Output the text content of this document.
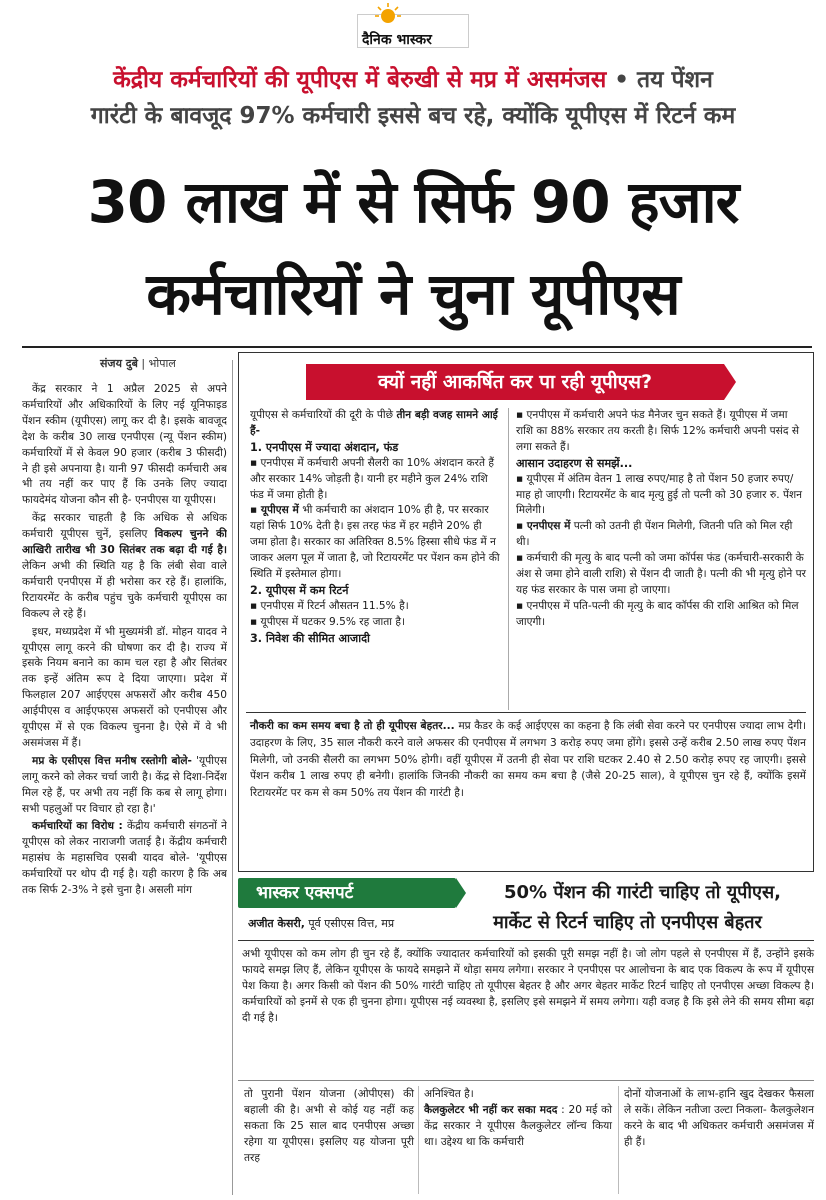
दैनिक भास्कर
केंद्रीय कर्मचारियों की यूपीएस में बेरुखी से मप्र में असमंजस • तय पेंशन
गारंटी के बावजूद 97% कर्मचारी इससे बच रहे, क्योंकि यूपीएस में रिटर्न कम
30 लाख में से सिर्फ 90 हजार
कर्मचारियों ने चुना यूपीएस
संजय दुबे | भोपाल

केंद्र सरकार ने 1 अप्रैल 2025 से अपने कर्मचारियों और अधिकारियों के लिए नई यूनिफाइड पेंशन स्कीम (यूपीएस) लागू कर दी है। इसके बावजूद देश के करीब 30 लाख एनपीएस (न्यू पेंशन स्कीम) कर्मचारियों में से केवल 90 हजार (करीब 3 फीसदी) ने ही इसे अपनाया है। यानी 97 फीसदी कर्मचारी अब भी तय नहीं कर पाए हैं कि उनके लिए ज्यादा फायदेमंद योजना कौन सी है- एनपीएस या यूपीएस।

केंद्र सरकार चाहती है कि अधिक से अधिक कर्मचारी यूपीएस चुनें, इसलिए विकल्प चुनने की आखिरी तारीख भी 30 सितंबर तक बढ़ा दी गई है। लेकिन अभी की स्थिति यह है कि लंबी सेवा वाले कर्मचारी एनपीएस में ही भरोसा कर रहे हैं। हालांकि, रिटायरमेंट के करीब पहुंच चुके कर्मचारी यूपीएस का विकल्प ले रहे हैं।

इधर, मध्यप्रदेश में भी मुख्यमंत्री डॉ. मोहन यादव ने यूपीएस लागू करने की घोषणा कर दी है। राज्य में इसके नियम बनाने का काम चल रहा है और सितंबर तक इन्हें अंतिम रूप दे दिया जाएगा। प्रदेश में फिलहाल 207 आईएएस अफसरों और करीब 450 आईपीएस व आईएफएस अफसरों को एनपीएस और यूपीएस में से एक विकल्प चुनना है। ऐसे में वे भी असमंजस में हैं।

मप्र के एसीएस वित्त मनीष रस्तोगी बोले- 'यूपीएस लागू करने को लेकर चर्चा जारी है। केंद्र से दिशा-निर्देश मिल रहे हैं, पर अभी तय नहीं कि कब से लागू होगा। सभी पहलुओं पर विचार हो रहा है।'

कर्मचारियों का विरोध : केंद्रीय कर्मचारी संगठनों ने यूपीएस को लेकर नाराजगी जताई है। केंद्रीय कर्मचारी महासंघ के महासचिव एसबी यादव बोले- 'यूपीएस कर्मचारियों पर थोप दी गई है। यही कारण है कि अब तक सिर्फ 2-3% ने इसे चुना है। असली मांग

क्यों नहीं आकर्षित कर पा रही यूपीएस?

यूपीएस से कर्मचारियों की दूरी के पीछे तीन बड़ी वजह सामने आई हैं-

1. एनपीएस में ज्यादा अंशदान, फंड

▪ एनपीएस में कर्मचारी अपनी सैलरी का 10% अंशदान करते हैं और सरकार 14% जोड़ती है। यानी हर महीने कुल 24% राशि फंड में जमा होती है।

▪ यूपीएस में भी कर्मचारी का अंशदान 10% ही है, पर सरकार यहां सिर्फ 10% देती है। इस तरह फंड में हर महीने 20% ही जमा होता है। सरकार का अतिरिक्त 8.5% हिस्सा सीधे फंड में न जाकर अलग पूल में जाता है, जो रिटायरमेंट पर पेंशन कम होने की स्थिति में इस्तेमाल होगा।

2. यूपीएस में कम रिटर्न

▪ एनपीएस में रिटर्न औसतन 11.5% है।

▪ यूपीएस में घटकर 9.5% रह जाता है।

3. निवेश की सीमित आजादी

▪ एनपीएस में कर्मचारी अपने फंड मैनेजर चुन सकते हैं। यूपीएस में जमा राशि का 88% सरकार तय करती है। सिर्फ 12% कर्मचारी अपनी पसंद से लगा सकते हैं।

आसान उदाहरण से समझें...

▪ यूपीएस में अंतिम वेतन 1 लाख रुपए/माह है तो पेंशन 50 हजार रुपए/माह हो जाएगी। रिटायरमेंट के बाद मृत्यु हुई तो पत्नी को 30 हजार रु. पेंशन मिलेगी।

▪ एनपीएस में पत्नी को उतनी ही पेंशन मिलेगी, जितनी पति को मिल रही थी।

▪ कर्मचारी की मृत्यु के बाद पत्नी को जमा कॉर्पस फंड (कर्मचारी-सरकारी के अंश से जमा होने वाली राशि) से पेंशन दी जाती है। पत्नी की भी मृत्यु होने पर यह फंड सरकार के पास जमा हो जाएगा।

▪ एनपीएस में पति-पत्नी की मृत्यु के बाद कॉर्पस की राशि आश्रित को मिल जाएगी।

नौकरी का कम समय बचा है तो ही यूपीएस बेहतर... मप्र कैडर के कई आईएएस का कहना है कि लंबी सेवा करने पर एनपीएस ज्यादा लाभ देगी। उदाहरण के लिए, 35 साल नौकरी करने वाले अफसर की एनपीएस में लगभग 3 करोड़ रुपए जमा होंगे। इससे उन्हें करीब 2.50 लाख रुपए पेंशन मिलेगी, जो उनकी सैलरी का लगभग 50% होगी। वहीं यूपीएस में उतनी ही सेवा पर राशि घटकर 2.40 से 2.50 करोड़ रुपए रह जाएगी। इससे पेंशन करीब 1 लाख रुपए ही बनेगी। हालांकि जिनकी नौकरी का समय कम बचा है (जैसे 20-25 साल), वे यूपीएस चुन रहे हैं, क्योंकि इसमें रिटायरमेंट पर कम से कम 50% तय पेंशन की गारंटी है।

भास्कर एक्सपर्ट
अजीत केसरी, पूर्व एसीएस वित्त, मप्र
50% पेंशन की गारंटी चाहिए तो यूपीएस,
मार्केट से रिटर्न चाहिए तो एनपीएस बेहतर

अभी यूपीएस को कम लोग ही चुन रहे हैं, क्योंकि ज्यादातर कर्मचारियों को इसकी पूरी समझ नहीं है। जो लोग पहले से एनपीएस में हैं, उन्होंने इसके फायदे समझ लिए हैं, लेकिन यूपीएस के फायदे समझने में थोड़ा समय लगेगा। सरकार ने एनपीएस पर आलोचना के बाद एक विकल्प के रूप में यूपीएस पेश किया है। अगर किसी को पेंशन की 50% गारंटी चाहिए तो यूपीएस बेहतर है और अगर बेहतर मार्केट रिटर्न चाहिए तो एनपीएस अच्छा विकल्प है। कर्मचारियों को इनमें से एक ही चुनना होगा। यूपीएस नई व्यवस्था है, इसलिए इसे समझने में समय लगेगा। यही वजह है कि इसे लेने की समय सीमा बढ़ा दी गई है।

तो पुरानी पेंशन योजना (ओपीएस) की बहाली की है। अभी से कोई यह नहीं कह सकता कि 25 साल बाद एनपीएस अच्छा रहेगा या यूपीएस। इसलिए यह योजना पूरी तरह

अनिश्चित है।
कैलकुलेटर भी नहीं कर सका मदद : 20 मई को केंद्र सरकार ने यूपीएस कैलकुलेटर लॉन्च किया था। उद्देश्य था कि कर्मचारी

दोनों योजनाओं के लाभ-हानि खुद देखकर फैसला ले सकें। लेकिन नतीजा उल्टा निकला- कैलकुलेशन करने के बाद भी अधिकतर कर्मचारी असमंजस में ही हैं।
